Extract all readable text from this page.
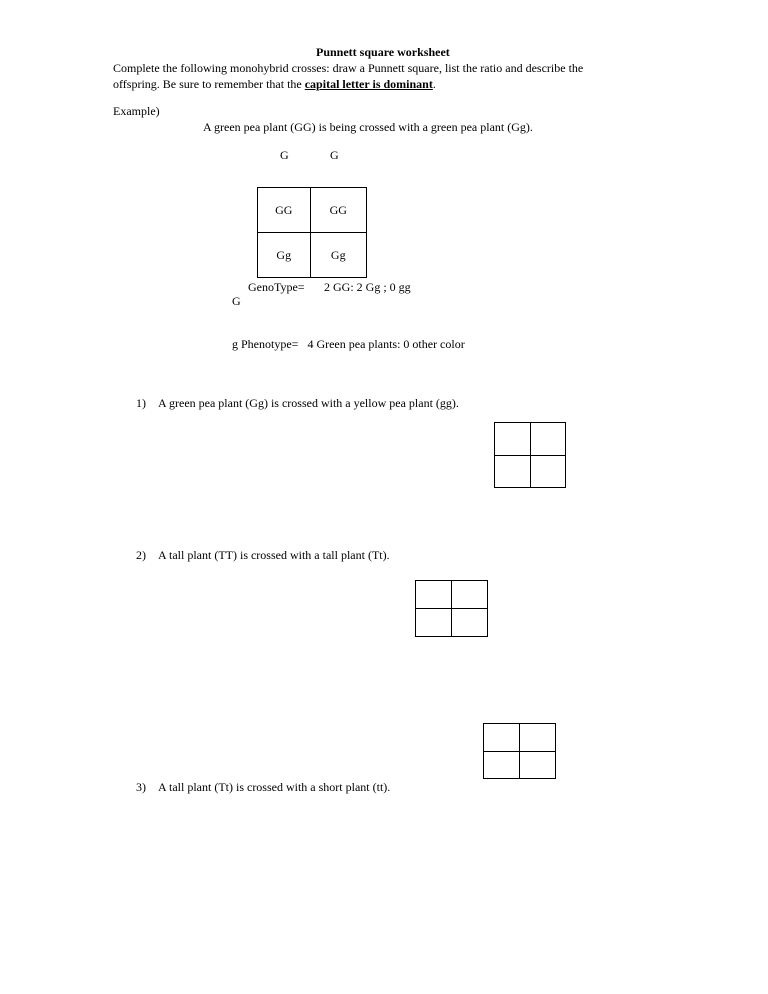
Punnett square worksheet
Complete the following monohybrid crosses: draw a Punnett square, list the ratio and describe the
offspring. Be sure to remember that the capital letter is dominant.
Example)
A green pea plant (GG) is being crossed with a green pea plant (Gg).
G	G
GG	GG
Gg	Gg
GenoType= 2 GG: 2 Gg ; 0 gg
G
g Phenotype= 4 Green pea plants: 0 other color
1) A green pea plant (Gg) is crossed with a yellow pea plant (gg).

2) A tall plant (TT) is crossed with a tall plant (Tt).

3) A tall plant (Tt) is crossed with a short plant (tt).
